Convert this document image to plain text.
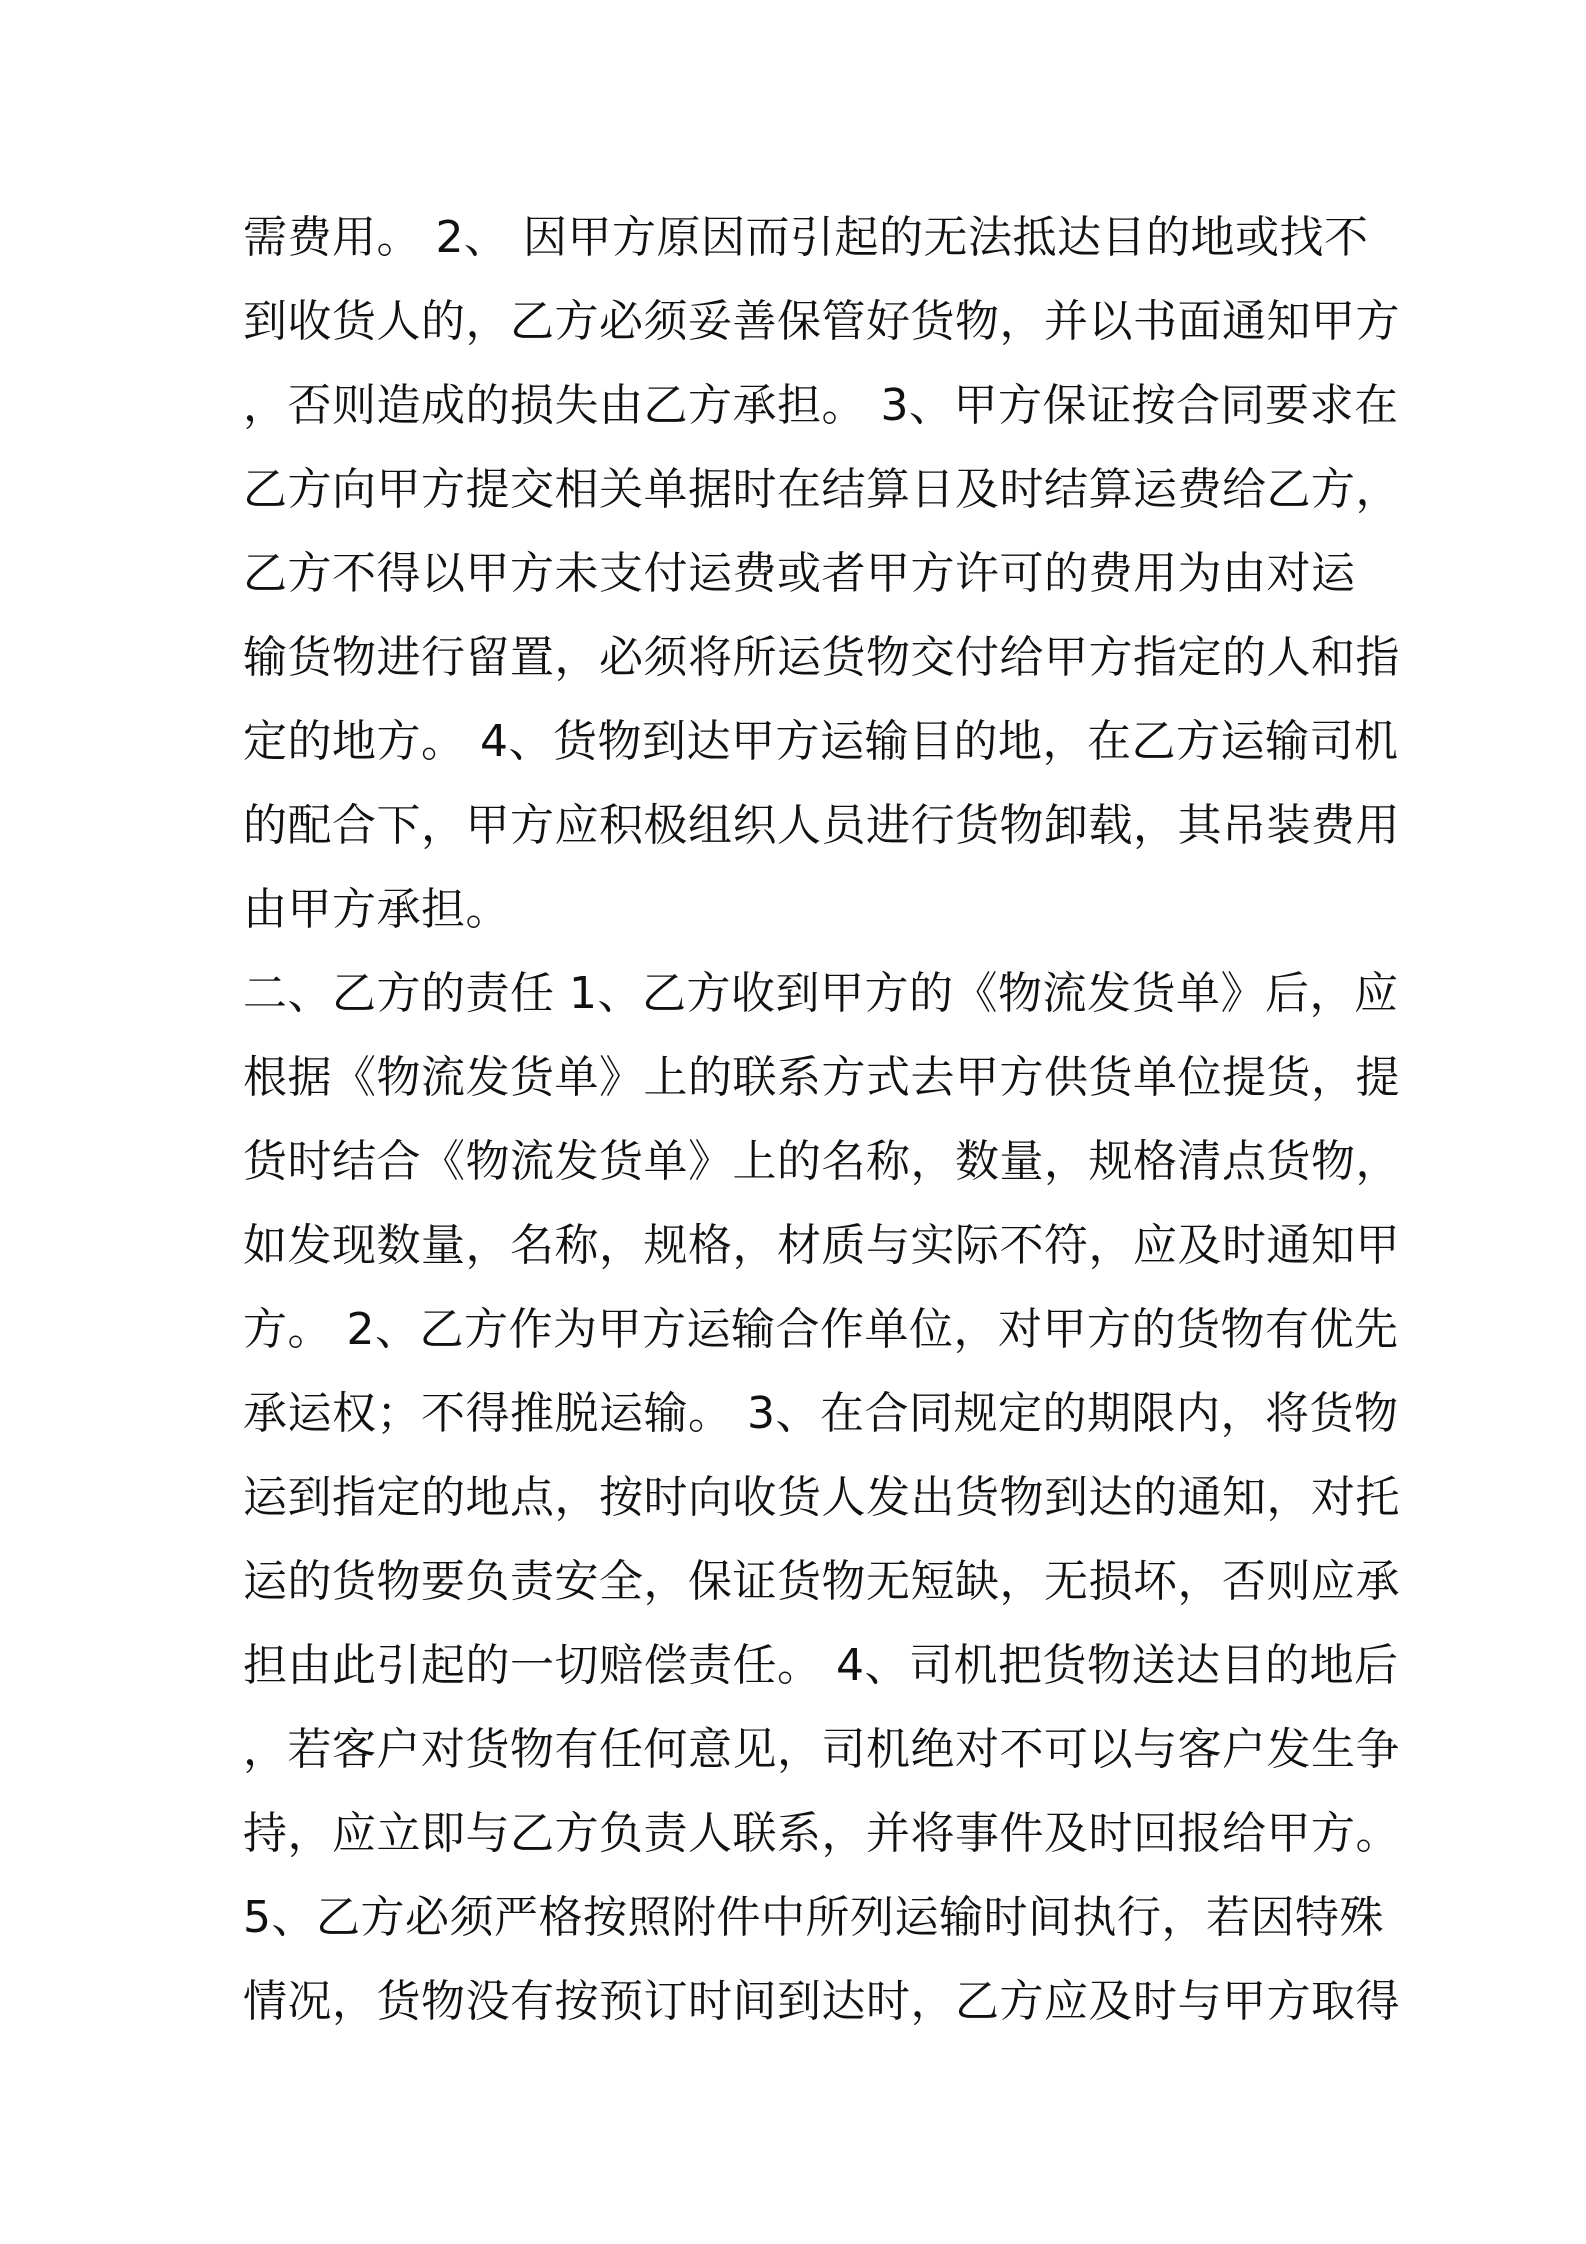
需费用。 2、 因甲方原因而引起的无法抵达目的地或找不
到收货人的，乙方必须妥善保管好货物，并以书面通知甲方
，否则造成的损失由乙方承担。 3、甲方保证按合同要求在
乙方向甲方提交相关单据时在结算日及时结算运费给乙方，
乙方不得以甲方未支付运费或者甲方许可的费用为由对运
输货物进行留置，必须将所运货物交付给甲方指定的人和指
定的地方。 4、货物到达甲方运输目的地，在乙方运输司机
的配合下，甲方应积极组织人员进行货物卸载，其吊装费用
由甲方承担。
二、乙方的责任 1、乙方收到甲方的《物流发货单》后，应
根据《物流发货单》上的联系方式去甲方供货单位提货，提
货时结合《物流发货单》上的名称，数量，规格清点货物，
如发现数量，名称，规格，材质与实际不符，应及时通知甲
方。 2、乙方作为甲方运输合作单位，对甲方的货物有优先
承运权；不得推脱运输。 3、在合同规定的期限内，将货物
运到指定的地点，按时向收货人发出货物到达的通知，对托
运的货物要负责安全，保证货物无短缺，无损坏，否则应承
担由此引起的一切赔偿责任。 4、司机把货物送达目的地后
，若客户对货物有任何意见，司机绝对不可以与客户发生争
持，应立即与乙方负责人联系，并将事件及时回报给甲方。
5、乙方必须严格按照附件中所列运输时间执行，若因特殊
情况，货物没有按预订时间到达时，乙方应及时与甲方取得
